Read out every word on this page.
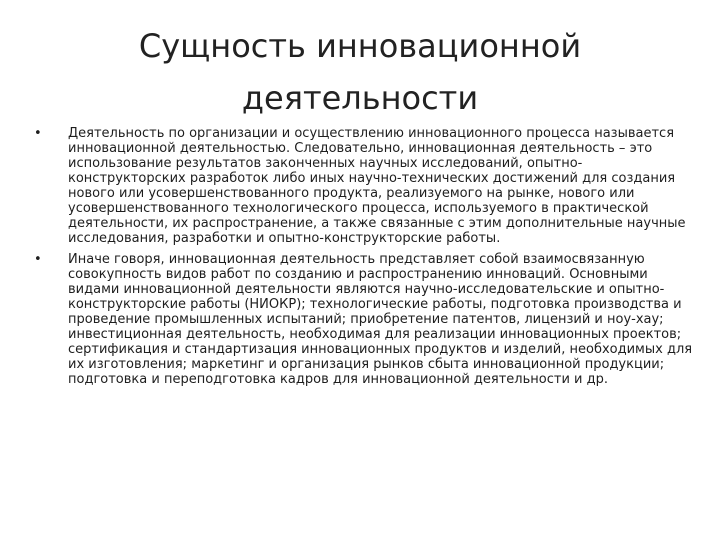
Сущность инновационной
деятельности
• Деятельность по организации и осуществлению инновационного процесса называется инновационной деятельностью. Следовательно, инновационная деятельность – это использование результатов законченных научных исследований, опытно-конструкторских разработок либо иных научно-технических достижений для создания нового или усовершенствованного продукта, реализуемого на рынке, нового или усовершенствованного технологического процесса, используемого в практической деятельности, их распространение, а также связанные с этим дополнительные научные исследования, разработки и опытно-конструкторские работы.
• Иначе говоря, инновационная деятельность представляет собой взаимосвязанную совокупность видов работ по созданию и распространению инноваций. Основными видами инновационной деятельности являются научно-исследовательские и опытно-конструкторские работы (НИОКР); технологические работы, подготовка производства и проведение промышленных испытаний; приобретение патентов, лицензий и ноу-хау; инвестиционная деятельность, необходимая для реализации инновационных проектов; сертификация и стандартизация инновационных продуктов и изделий, необходимых для их изготовления; маркетинг и организация рынков сбыта инновационной продукции; подготовка и переподготовка кадров для инновационной деятельности и др.
